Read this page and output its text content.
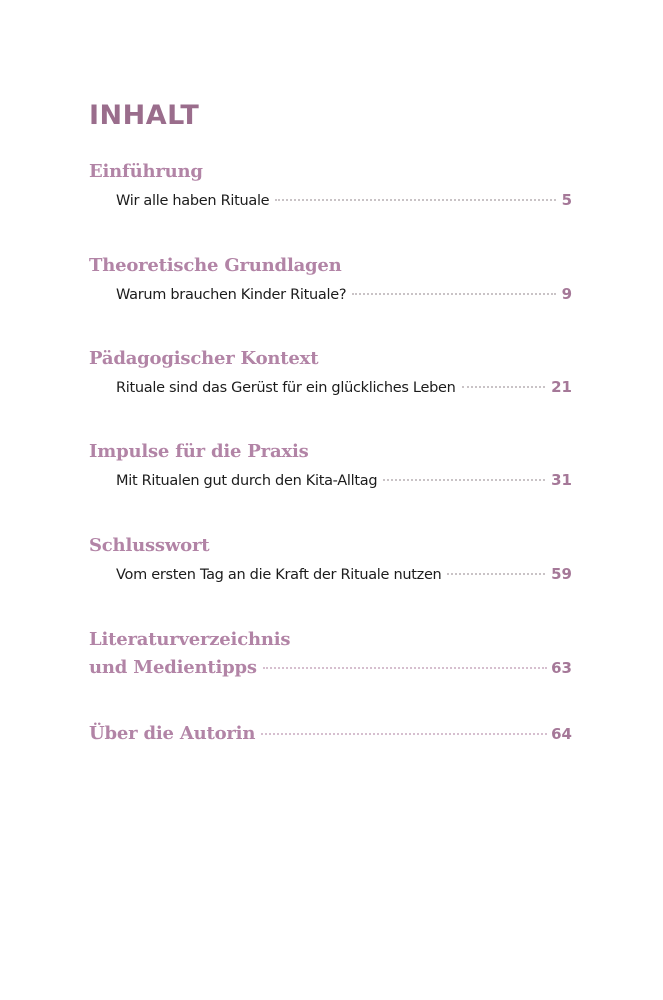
INHALT
Einführung
Wir alle haben Rituale	5
Theoretische Grundlagen
Warum brauchen Kinder Rituale?	9
Pädagogischer Kontext
Rituale sind das Gerüst für ein glückliches Leben	21
Impulse für die Praxis
Mit Ritualen gut durch den Kita-Alltag	31
Schlusswort
Vom ersten Tag an die Kraft der Rituale nutzen	59
Literaturverzeichnis
und Medientipps	63
Über die Autorin	64
